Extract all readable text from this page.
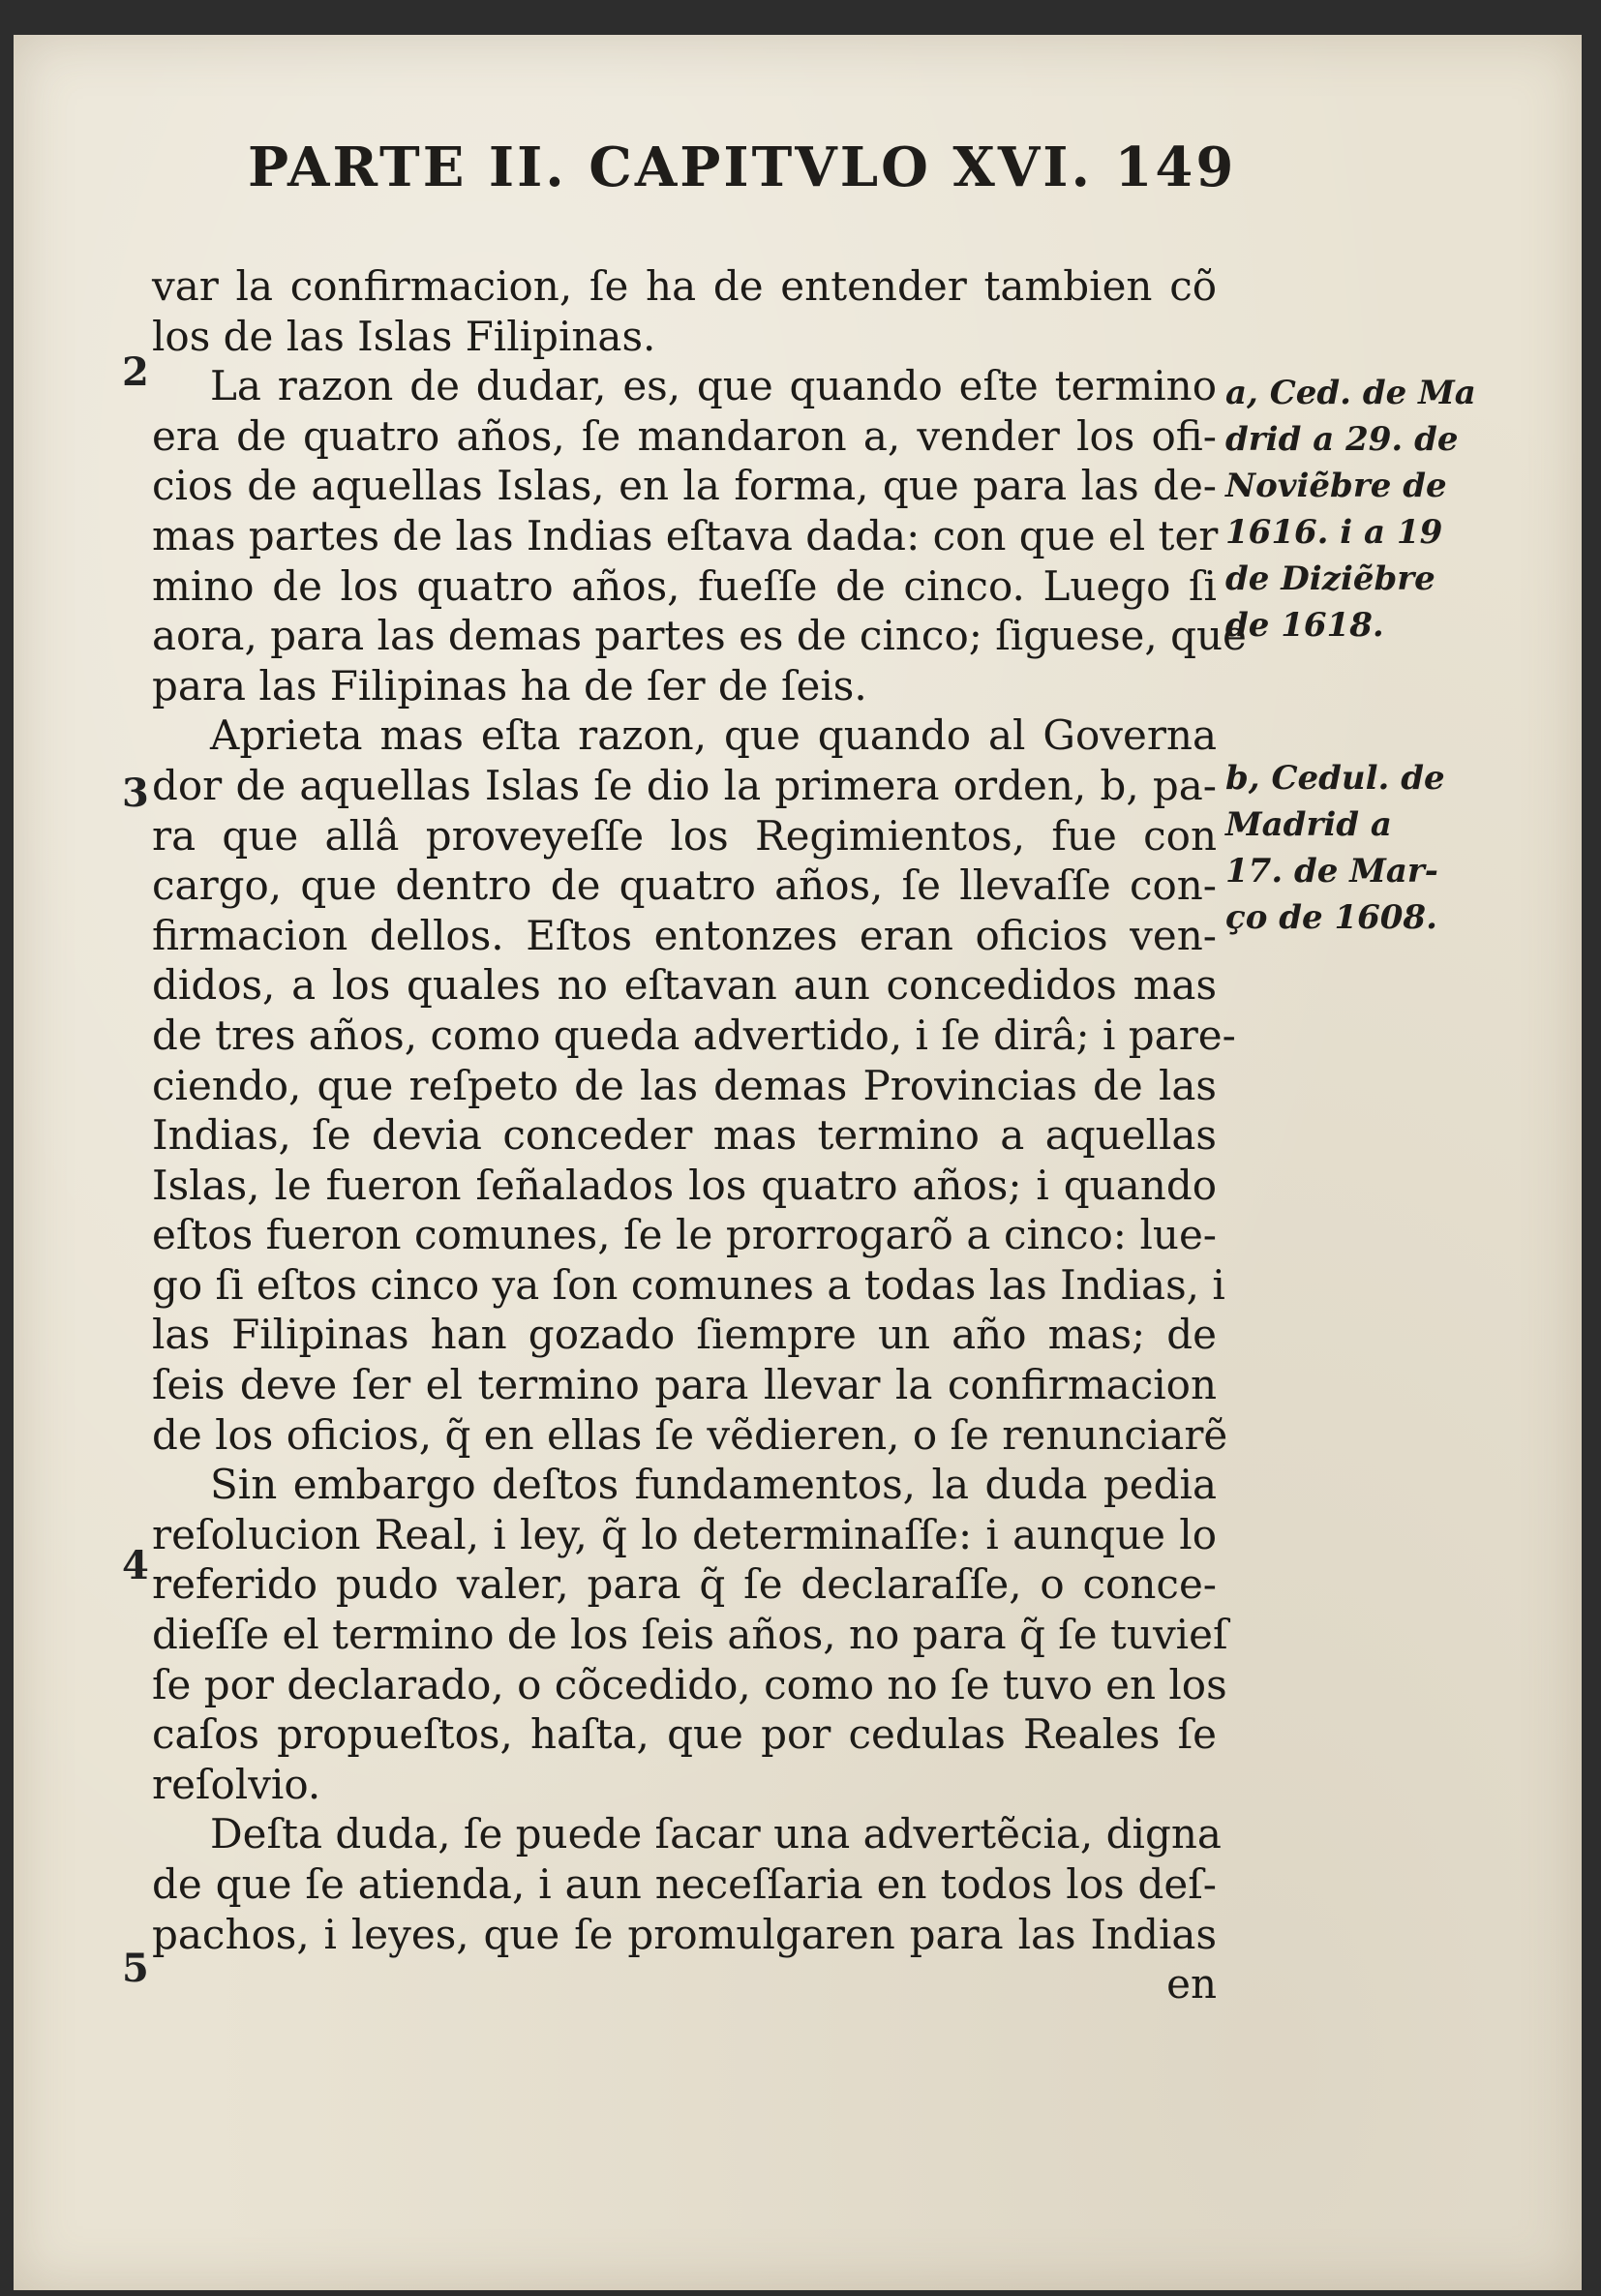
PARTE II. CAPITVLO XVI. 149
2
3
4
5
var la confirmacion, ſe ha de entender tambien cõ
los de las Islas Filipinas.
La razon de dudar, es, que quando eſte termino
era de quatro años, ſe mandaron a, vender los ofi-
cios de aquellas Islas, en la forma, que para las de-
mas partes de las Indias eſtava dada: con que el ter
mino de los quatro años, fueſſe de cinco. Luego ſi
aora, para las demas partes es de cinco; ſiguese, que
para las Filipinas ha de ſer de ſeis.
Aprieta mas eſta razon, que quando al Governa
dor de aquellas Islas ſe dio la primera orden, b, pa-
ra que allâ proveyeſſe los Regimientos, fue con
cargo, que dentro de quatro años, ſe llevaſſe con-
firmacion dellos. Eſtos entonzes eran oficios ven-
didos, a los quales no eſtavan aun concedidos mas
de tres años, como queda advertido, i ſe dirâ; i pare-
ciendo, que reſpeto de las demas Provincias de las
Indias, ſe devia conceder mas termino a aquellas
Islas, le fueron ſeñalados los quatro años; i quando
eſtos fueron comunes, ſe le prorrogarõ a cinco: lue-
go ſi eſtos cinco ya ſon comunes a todas las Indias, i
las Filipinas han gozado ſiempre un año mas; de
ſeis deve ſer el termino para llevar la confirmacion
de los oficios, q̃ en ellas ſe vẽdieren, o ſe renunciarẽ
Sin embargo deſtos fundamentos, la duda pedia
reſolucion Real, i ley, q̃ lo determinaſſe: i aunque lo
referido pudo valer, para q̃ ſe declaraſſe, o conce-
dieſſe el termino de los ſeis años, no para q̃ ſe tuvieſ
ſe por declarado, o cõcedido, como no ſe tuvo en los
caſos propueſtos, haſta, que por cedulas Reales ſe
reſolvio.
Deſta duda, ſe puede ſacar una advertẽcia, digna
de que ſe atienda, i aun neceſſaria en todos los deſ-
pachos, i leyes, que ſe promulgaren para las Indias
en
a, Ced. de Ma
drid a 29. de
Noviẽbre de
1616. i a 19
de Diziẽbre
de 1618.
b, Cedul. de
Madrid a
17. de Mar-
ço de 1608.
